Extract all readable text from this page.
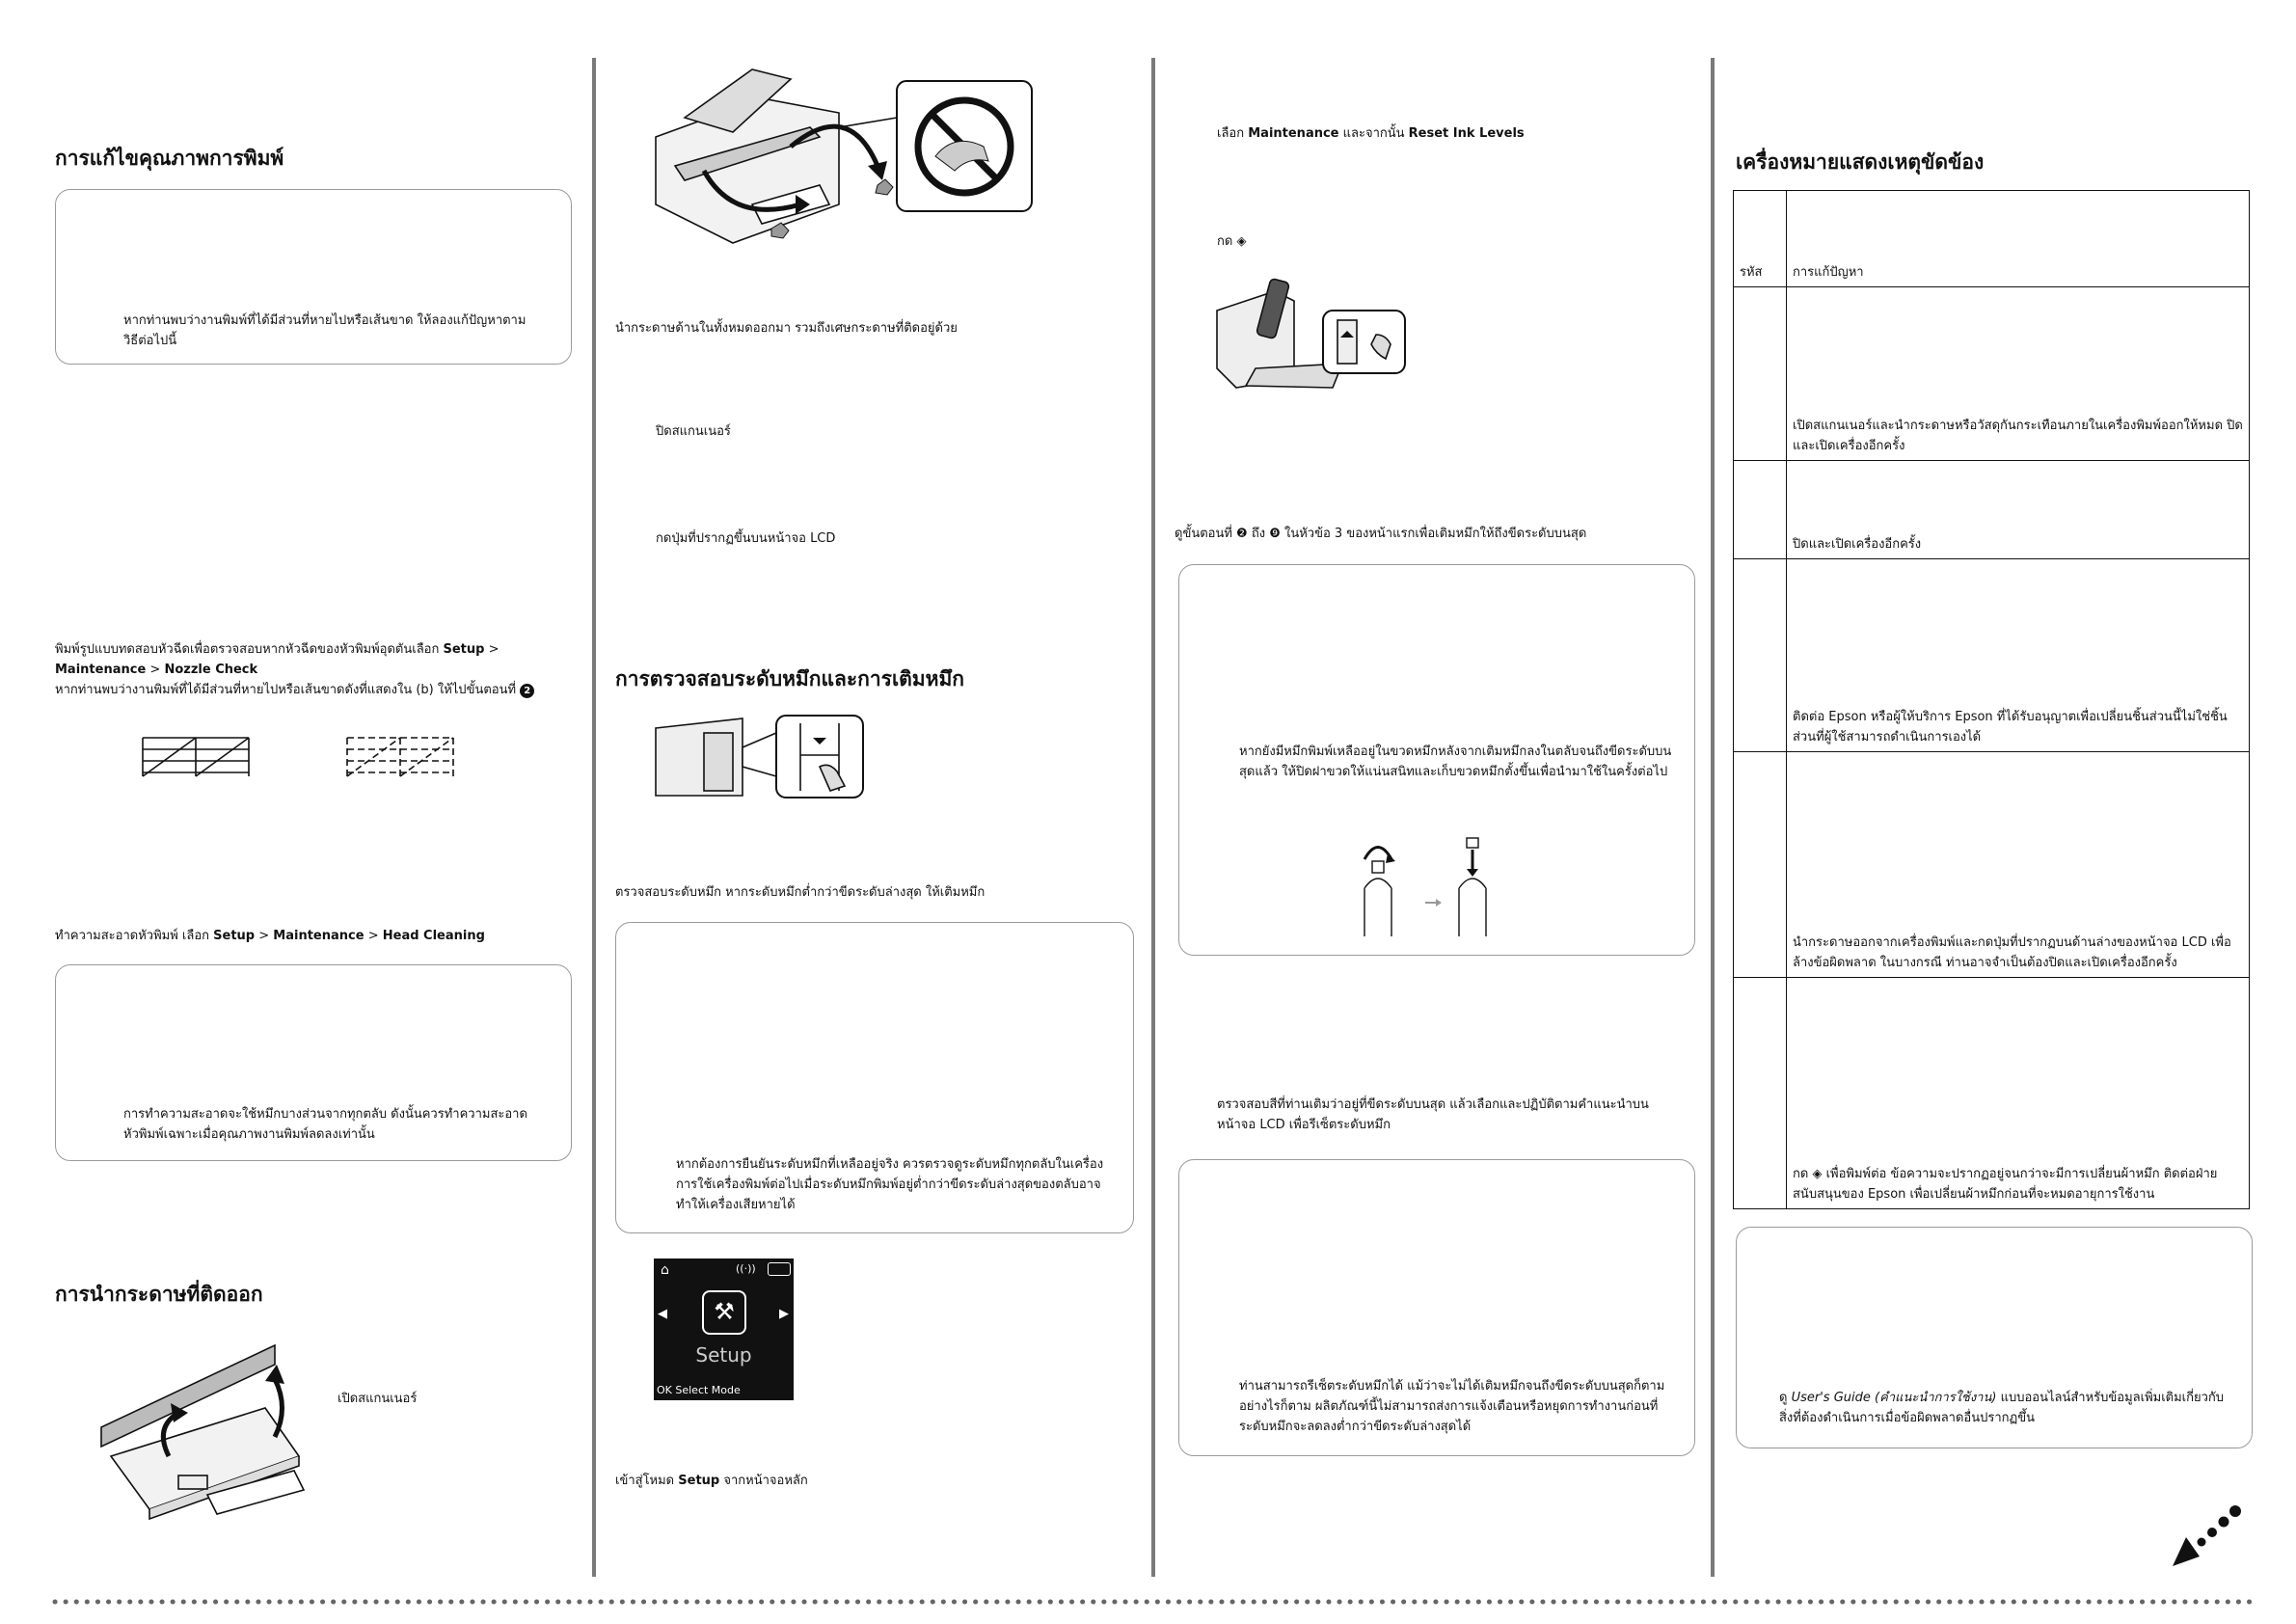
การแก้ไขคุณภาพการพิมพ์
หากท่านพบว่างานพิมพ์ที่ได้มีส่วนที่หายไปหรือเส้นขาด ให้ลองแก้ปัญหาตามวิธีต่อไปนี้
พิมพ์รูปแบบทดสอบหัวฉีดเพื่อตรวจสอบหากหัวฉีดของหัวพิมพ์อุดตันเลือก Setup >
Maintenance > Nozzle Check
หากท่านพบว่างานพิมพ์ที่ได้มีส่วนที่หายไปหรือเส้นขาดดังที่แสดงใน (b) ให้ไปขั้นตอนที่ 2
ทำความสะอาดหัวพิมพ์ เลือก Setup > Maintenance > Head Cleaning
การทำความสะอาดจะใช้หมึกบางส่วนจากทุกตลับ ดังนั้นควรทำความสะอาดหัวพิมพ์เฉพาะเมื่อคุณภาพงานพิมพ์ลดลงเท่านั้น
การนำกระดาษที่ติดออก
เปิดสแกนเนอร์
นำกระดาษด้านในทั้งหมดออกมา รวมถึงเศษกระดาษที่ติดอยู่ด้วย
ปิดสแกนเนอร์
กดปุ่มที่ปรากฏขึ้นบนหน้าจอ LCD
การตรวจสอบระดับหมึกและการเติมหมึก
ตรวจสอบระดับหมึก หากระดับหมึกต่ำกว่าขีดระดับล่างสุด ให้เติมหมึก
หากต้องการยืนยันระดับหมึกที่เหลืออยู่จริง ควรตรวจดูระดับหมึกทุกตลับในเครื่อง การใช้เครื่องพิมพ์ต่อไปเมื่อระดับหมึกพิมพ์อยู่ต่ำกว่าขีดระดับล่างสุดของตลับอาจทำให้เครื่องเสียหายได้
⌂	((·))
◀	▶
⚒
Setup
OK Select Mode
เข้าสู่โหมด Setup จากหน้าจอหลัก
เลือก Maintenance และจากนั้น Reset Ink Levels
กด ◈
ดูขั้นตอนที่ ❷ ถึง ❾ ในหัวข้อ 3 ของหน้าแรกเพื่อเติมหมึกให้ถึงขีดระดับบนสุด
หากยังมีหมึกพิมพ์เหลืออยู่ในขวดหมึกหลังจากเติมหมึกลงในตลับจนถึงขีดระดับบนสุดแล้ว ให้ปิดฝาขวดให้แน่นสนิทและเก็บขวดหมึกตั้งขึ้นเพื่อนำมาใช้ในครั้งต่อไป
ตรวจสอบสีที่ท่านเติมว่าอยู่ที่ขีดระดับบนสุด แล้วเลือกและปฏิบัติตามคำแนะนำบนหน้าจอ LCD เพื่อรีเซ็ตระดับหมึก
ท่านสามารถรีเซ็ตระดับหมึกได้ แม้ว่าจะไม่ได้เติมหมึกจนถึงขีดระดับบนสุดก็ตาม อย่างไรก็ตาม ผลิตภัณฑ์นี้ไม่สามารถส่งการแจ้งเตือนหรือหยุดการทำงานก่อนที่ระดับหมึกจะลดลงต่ำกว่าขีดระดับล่างสุดได้
เครื่องหมายแสดงเหตุขัดข้อง
รหัส	การแก้ปัญหา
	เปิดสแกนเนอร์และนำกระดาษหรือวัสดุกันกระเทือนภายในเครื่องพิมพ์ออกให้หมด ปิดและเปิดเครื่องอีกครั้ง
	ปิดและเปิดเครื่องอีกครั้ง
	ติดต่อ Epson หรือผู้ให้บริการ Epson ที่ได้รับอนุญาตเพื่อเปลี่ยนชิ้นส่วนนี้ไม่ใช่ชิ้นส่วนที่ผู้ใช้สามารถดำเนินการเองได้
	นำกระดาษออกจากเครื่องพิมพ์และกดปุ่มที่ปรากฏบนด้านล่างของหน้าจอ LCD เพื่อล้างข้อผิดพลาด ในบางกรณี ท่านอาจจำเป็นต้องปิดและเปิดเครื่องอีกครั้ง
	กด ◈ เพื่อพิมพ์ต่อ ข้อความจะปรากฏอยู่จนกว่าจะมีการเปลี่ยนผ้าหมึก ติดต่อฝ่ายสนับสนุนของ Epson เพื่อเปลี่ยนผ้าหมึกก่อนที่จะหมดอายุการใช้งาน
ดู User's Guide (คำแนะนำการใช้งาน) แบบออนไลน์สำหรับข้อมูลเพิ่มเติมเกี่ยวกับสิ่งที่ต้องดำเนินการเมื่อข้อผิดพลาดอื่นปรากฏขึ้น
